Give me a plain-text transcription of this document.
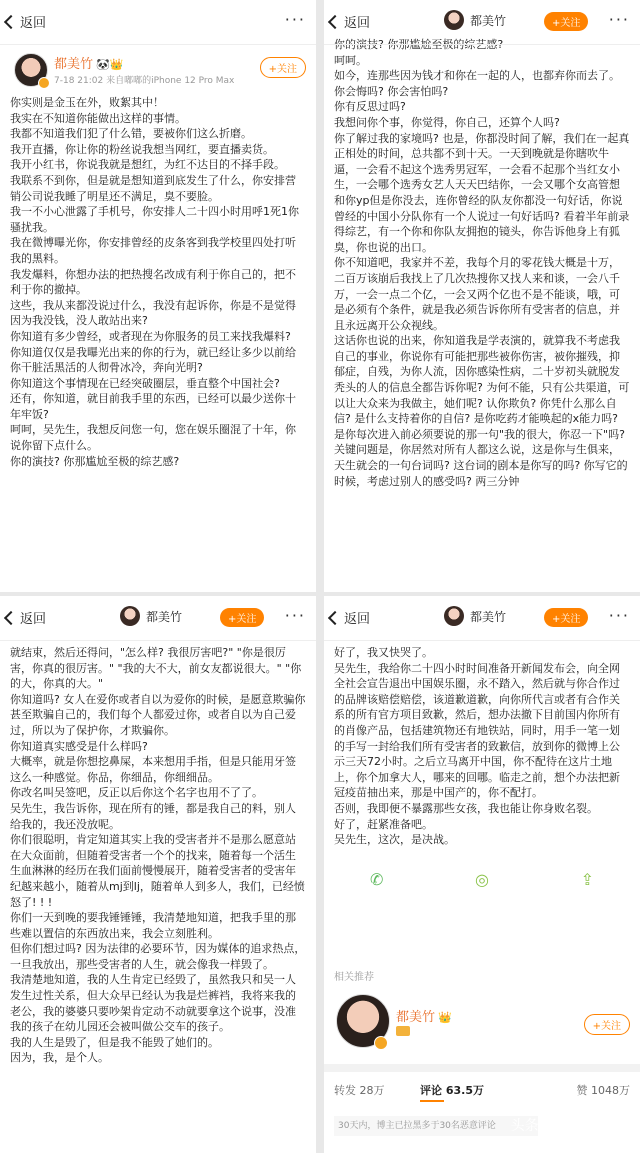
返回	···
都美竹 🐼👑
7-18 21:02 来自嘟嘟的iPhone 12 Pro Max
+关注

你实则是金玉在外，败絮其中！

我实在不知道你能做出这样的事情。

我都不知道我们犯了什么错，要被你们这么折磨。

我开直播，你让你的粉丝说我想当网红，要直播卖货。

我开小红书，你说我就是想红，为红不达目的不择手段。

我联系不到你，但是就是想知道到底发生了什么，你安排营销公司说我睡了明星还不满足，臭不要脸。

我一不小心泄露了手机号，你安排人二十四小时用呼1死1你骚扰我。

我在微博曝光你，你安排曾经的皮条客到我学校里四处打听我的黑料。

我发爆料，你想办法的把热搜名改成有利于你自己的，把不利于你的撤掉。

这些，我从来都没说过什么，我没有起诉你，你是不是觉得因为我没钱，没人敢站出来?

你知道有多少曾经，或者现在为你服务的员工来找我爆料?

你知道仅仅是我曝光出来的你的行为，就已经让多少以前给你干脏活黑活的人彻骨冰冷，奔向光明?

你知道这个事情现在已经突破圈层，垂直整个中国社会?

还有，你知道，就目前我手里的东西，已经可以最少送你十年牢饭?

呵呵，吴先生，我想反问您一句，您在娱乐圈混了十年，你说你留下点什么。

你的演技? 你那尴尬至极的综艺感?

返回	都美竹	+关注	···

你的演技? 你那尴尬至极的综艺感?

呵呵。

如今，连那些因为钱才和你在一起的人，也都弃你而去了。

你会悔吗? 你会害怕吗?

你有反思过吗?

我想问你个事，你觉得，你自己，还算个人吗?

你了解过我的家境吗? 也是，你都没时间了解，我们在一起真正相处的时间，总共都不到十天。一天到晚就是你瞎吹牛逼，一会看不起这个选秀男冠军，一会看不起那个当红女小生，一会哪个选秀女艺人天天巴结你，一会又哪个女高管想和你yp但是你没去，连你曾经的队友你都没一句好话，你说曾经的中国小分队你有一个人说过一句好话吗? 看着半年前录得综艺，有一个你和你队友拥抱的镜头，你告诉他身上有狐臭，你也说的出口。

你不知道吧，我家并不差，我每个月的零花钱大概是十万，二百万该崩后我找上了几次热搜你又找人来和谈，一会八千万，一会一点二个亿，一会又两个亿也不是不能谈，哦，可是必须有个条件，就是我必须告诉你所有受害者的信息，并且永远离开公众视线。

这话你也说的出来，你知道我是学表演的，就算我不考虑我自己的事业，你说你有可能把那些被你伤害，被你摧残，抑郁症，自残，为你人流，因你感染性病，二十岁初头就脱发秃头的人的信息全都告诉你呢? 为何不能，只有公共渠道，可以让大众来为我做主，她们呢? 认你欺负? 你凭什么那么自信? 是什么支持着你的自信? 是你吃药才能唤起的x能力吗? 是你每次进入前必须要说的那一句"我的很大，你忍一下"吗? 关键问题是，你居然对所有人都这么说，这是你与生俱来，天生就会的一句台词吗? 这台词的剧本是你写的吗? 你写它的时候，考虑过别人的感受吗? 两三分钟

返回	都美竹	+关注	···

就结束，然后还得问，"怎么样? 我很厉害吧?" "你是很厉害，你真的很厉害。" "我的大不大，前女友都说很大。" "你的大，你真的大。"

你知道吗? 女人在爱你或者自以为爱你的时候，是愿意欺骗你甚至欺骗自己的，我们每个人都爱过你，或者自以为自己爱过，所以为了保护你，才欺骗你。

你知道真实感受是什么样吗?

大概率，就是你想挖鼻屎，本来想用手指，但是只能用牙签这么一种感觉。你品，你细品，你细细品。

你改名叫吴签吧，反正以后你这个名字也用不了了。

吴先生，我告诉你，现在所有的锤，都是我自己的料，别人给我的，我还没放呢。

你们很聪明，肯定知道其实上我的受害者并不是那么愿意站在大众面前，但随着受害者一个个的找来，随着每一个活生生血淋淋的经历在我们面前慢慢展开，随着受害者的受害年纪越来越小，随着从mj到lj，随着单人到多人，我们，已经愤怒了! ! !

你们一天到晚的要我锤锤锤，我清楚地知道，把我手里的那些难以置信的东西放出来，我会立刻胜利。

但你们想过吗? 因为法律的必要环节，因为媒体的追求热点，一旦我放出，那些受害者的人生，就会像我一样毁了。

我清楚地知道，我的人生肯定已经毁了，虽然我只和吴一人发生过性关系，但大众早已经认为我是烂裤裆，我将来我的老公，我的婆婆只要吵架肯定动不动就要拿这个说事，没准我的孩子在幼儿园还会被叫做公交车的孩子。

我的人生是毁了，但是我不能毁了她们的。

因为，我，是个人。

返回	都美竹	+关注	···

好了，我又快哭了。

吴先生，我给你二十四小时时间准备开新闻发布会，向全网全社会宣告退出中国娱乐圈，永不踏入，然后就与你合作过的品牌该赔偿赔偿，该道歉道歉，向你所代言或者有合作关系的所有官方项目致歉，然后，想办法撤下目前国内你所有的肖像产品，包括建筑物还有地铁站，同时，用手一笔一划的手写一封给我们所有受害者的致歉信，放到你的微博上公示三天72小时。之后立马离开中国，你不配待在这片土地上，你个加拿大人，哪来的回哪。临走之前，想个办法把新冠疫苗抽出来，那是中国产的，你不配打。

否则，我即便不暴露那些女孩，我也能让你身败名裂。

好了，赶紧准备吧。

吴先生，这次，是决战。

✆	◎	⇪
相关推荐
都美竹 👑
+关注
转发 28万	评论 63.5万	赞 1048万
30天内，博主已拉黑多于30名恶意评论	头条 @Rap说唱乐
